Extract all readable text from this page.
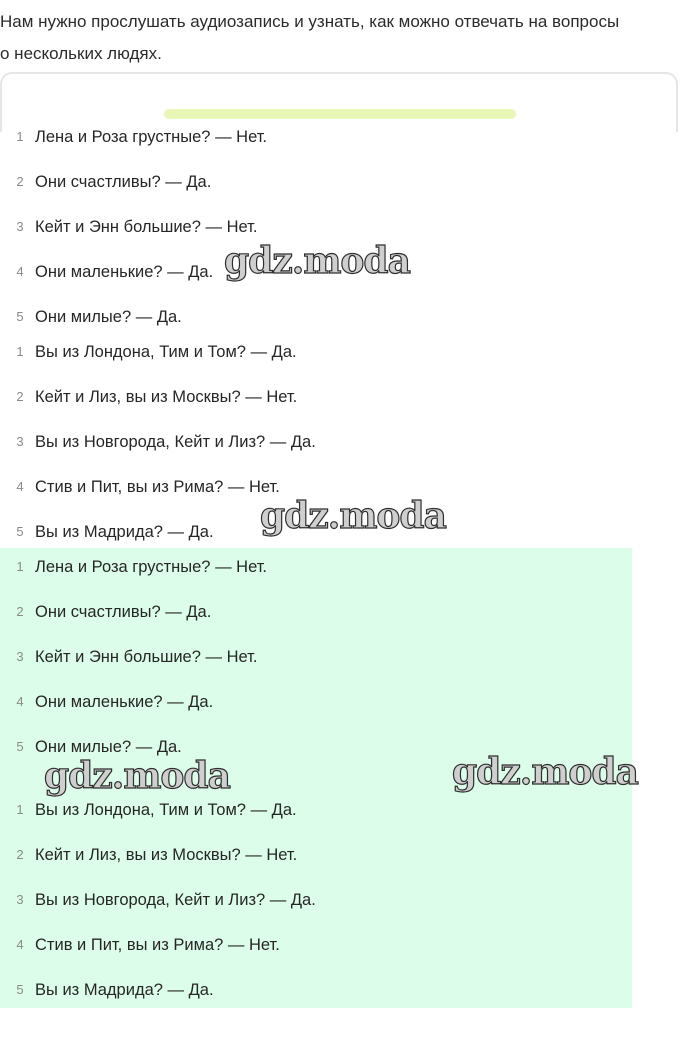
Нам нужно прослушать аудиозапись и узнать, как можно отвечать на вопросы
о нескольких людях.

1 Лена и Роза грустные? — Нет.
2 Они счастливы? — Да.
3 Кейт и Энн большие? — Нет.
4 Они маленькие? — Да.
5 Они милые? — Да.
1 Вы из Лондона, Тим и Том? — Да.
2 Кейт и Лиз, вы из Москвы? — Нет.
3 Вы из Новгорода, Кейт и Лиз? — Да.
4 Стив и Пит, вы из Рима? — Нет.
5 Вы из Мадрида? — Да.
1 Лена и Роза грустные? — Нет.
2 Они счастливы? — Да.
3 Кейт и Энн большие? — Нет.
4 Они маленькие? — Да.
5 Они милые? — Да.
1 Вы из Лондона, Тим и Том? — Да.
2 Кейт и Лиз, вы из Москвы? — Нет.
3 Вы из Новгорода, Кейт и Лиз? — Да.
4 Стив и Пит, вы из Рима? — Нет.
5 Вы из Мадрида? — Да.
gdz.moda
gdz.moda
gdz.moda	gdz.moda
